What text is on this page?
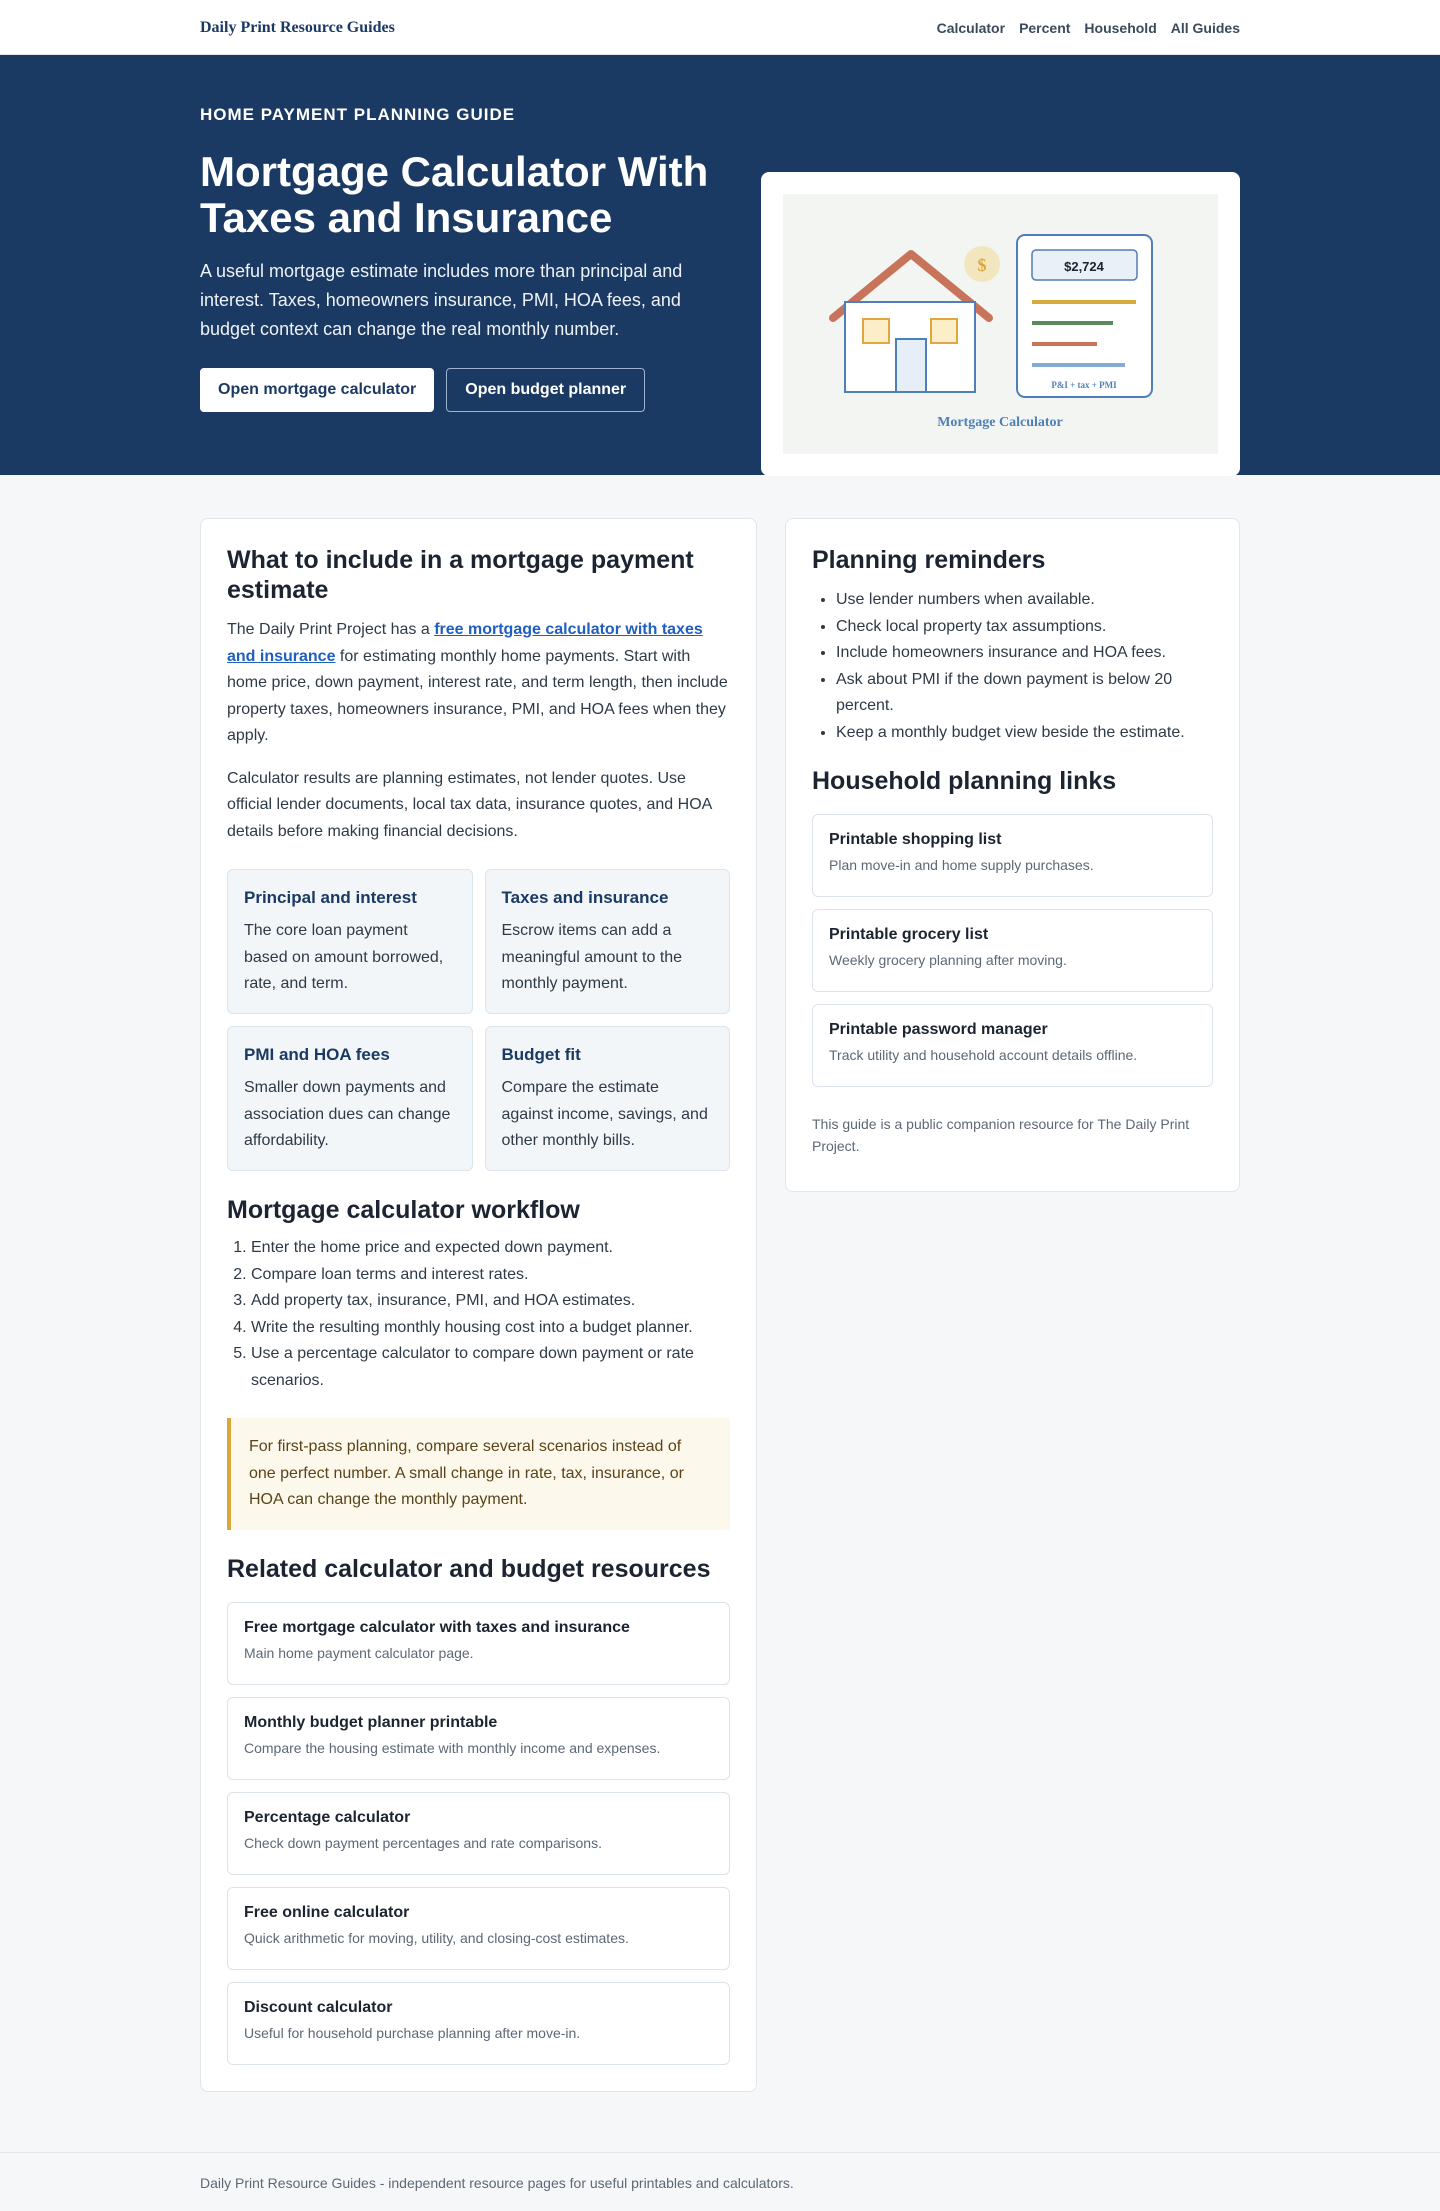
Daily Print Resource Guides	Calculator Percent Household All Guides
HOME PAYMENT PLANNING GUIDE
Mortgage Calculator With Taxes and Insurance

A useful mortgage estimate includes more than principal and interest. Taxes, homeowners insurance, PMI, HOA fees, and budget context can change the real monthly number.

Open mortgage calculator	Open budget planner
$	$2,724
P&I + tax + PMI
Mortgage Calculator
What to include in a mortgage payment estimate

The Daily Print Project has a free mortgage calculator with taxes and insurance for estimating monthly home payments. Start with home price, down payment, interest rate, and term length, then include property taxes, homeowners insurance, PMI, and HOA fees when they apply.

Calculator results are planning estimates, not lender quotes. Use official lender documents, local tax data, insurance quotes, and HOA details before making financial decisions.

Principal and interest

The core loan payment based on amount borrowed, rate, and term.

Taxes and insurance

Escrow items can add a meaningful amount to the monthly payment.

PMI and HOA fees

Smaller down payments and association dues can change affordability.

Budget fit

Compare the estimate against income, savings, and other monthly bills.

Mortgage calculator workflow
1. Enter the home price and expected down payment.
2. Compare loan terms and interest rates.
3. Add property tax, insurance, PMI, and HOA estimates.
4. Write the resulting monthly housing cost into a budget planner.
5. Use a percentage calculator to compare down payment or rate scenarios.
For first-pass planning, compare several scenarios instead of one perfect number. A small change in rate, tax, insurance, or HOA can change the monthly payment.
Related calculator and budget resources
Free mortgage calculator with taxes and insurance
Main home payment calculator page.
Monthly budget planner printable
Compare the housing estimate with monthly income and expenses.
Percentage calculator
Check down payment percentages and rate comparisons.
Free online calculator
Quick arithmetic for moving, utility, and closing-cost estimates.
Discount calculator
Useful for household purchase planning after move-in.
Planning reminders
• Use lender numbers when available.
• Check local property tax assumptions.
• Include homeowners insurance and HOA fees.
• Ask about PMI if the down payment is below 20 percent.
• Keep a monthly budget view beside the estimate.
Household planning links
Printable shopping list
Plan move-in and home supply purchases.
Printable grocery list
Weekly grocery planning after moving.
Printable password manager
Track utility and household account details offline.

This guide is a public companion resource for The Daily Print Project.

Daily Print Resource Guides - independent resource pages for useful printables and calculators.
